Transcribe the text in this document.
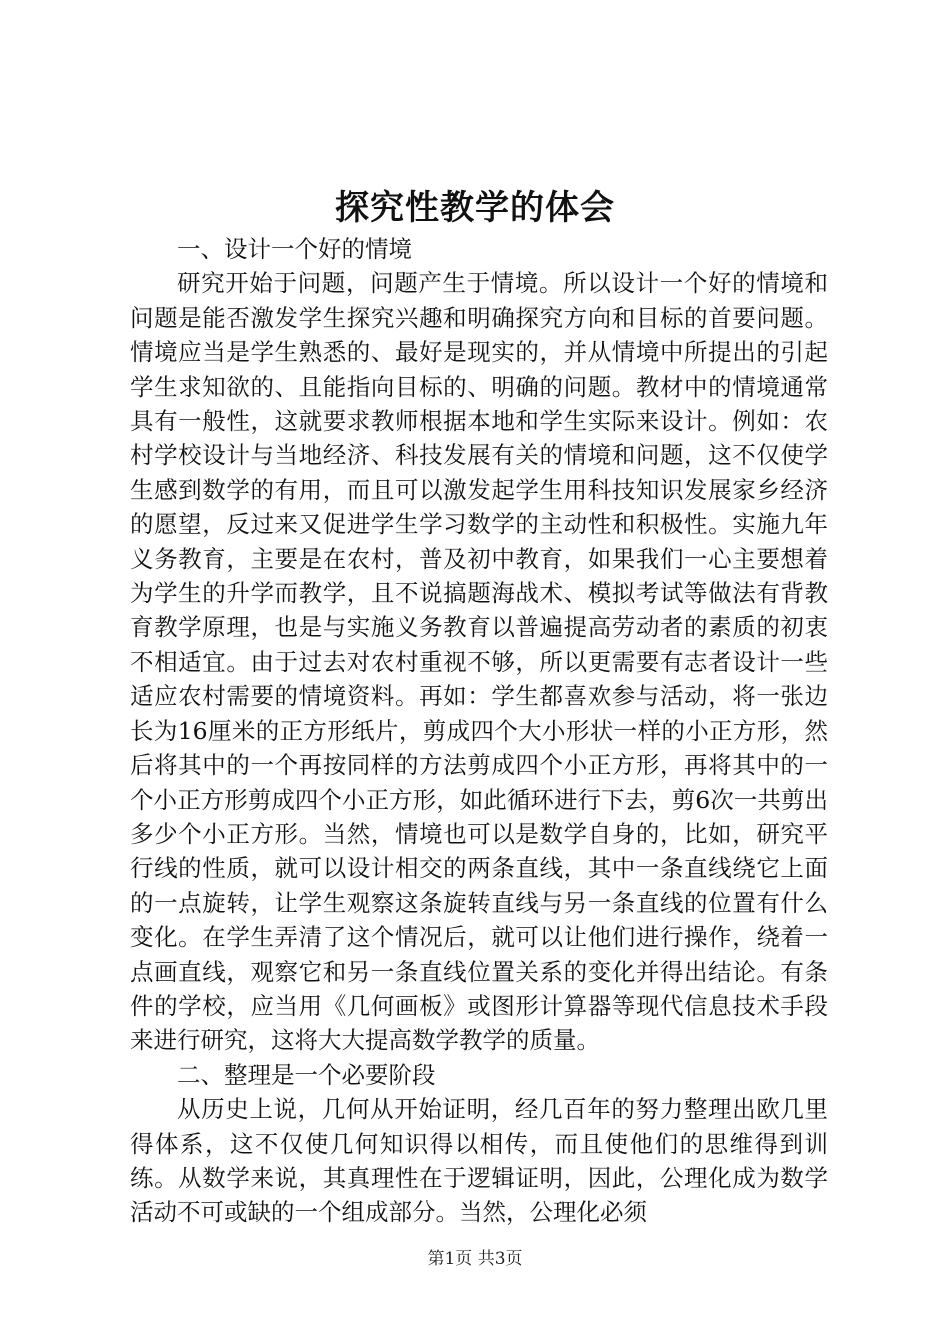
探究性教学的体会

一、设计一个好的情境

研究开始于问题，问题产生于情境。所以设计一个好的情境和问题是能否激发学生探究兴趣和明确探究方向和目标的首要问题。情境应当是学生熟悉的、最好是现实的，并从情境中所提出的引起学生求知欲的、且能指向目标的、明确的问题。教材中的情境通常具有一般性，这就要求教师根据本地和学生实际来设计。例如：农村学校设计与当地经济、科技发展有关的情境和问题，这不仅使学生感到数学的有用，而且可以激发起学生用科技知识发展家乡经济的愿望，反过来又促进学生学习数学的主动性和积极性。实施九年义务教育，主要是在农村，普及初中教育，如果我们一心主要想着为学生的升学而教学，且不说搞题海战术、模拟考试等做法有背教育教学原理，也是与实施义务教育以普遍提高劳动者的素质的初衷不相适宜。由于过去对农村重视不够，所以更需要有志者设计一些适应农村需要的情境资料。再如：学生都喜欢参与活动，将一张边长为16厘米的正方形纸片，剪成四个大小形状一样的小正方形，然后将其中的一个再按同样的方法剪成四个小正方形，再将其中的一个小正方形剪成四个小正方形，如此循环进行下去，剪6次一共剪出多少个小正方形。当然，情境也可以是数学自身的，比如，研究平行线的性质，就可以设计相交的两条直线，其中一条直线绕它上面的一点旋转，让学生观察这条旋转直线与另一条直线的位置有什么变化。在学生弄清了这个情况后，就可以让他们进行操作，绕着一点画直线，观察它和另一条直线位置关系的变化并得出结论。有条件的学校，应当用《几何画板》或图形计算器等现代信息技术手段来进行研究，这将大大提高数学教学的质量。

二、整理是一个必要阶段

从历史上说，几何从开始证明，经几百年的努力整理出欧几里得体系，这不仅使几何知识得以相传，而且使他们的思维得到训练。从数学来说，其真理性在于逻辑证明，因此，公理化成为数学活动不可或缺的一个组成部分。当然，公理化必须

第1页 共3页
